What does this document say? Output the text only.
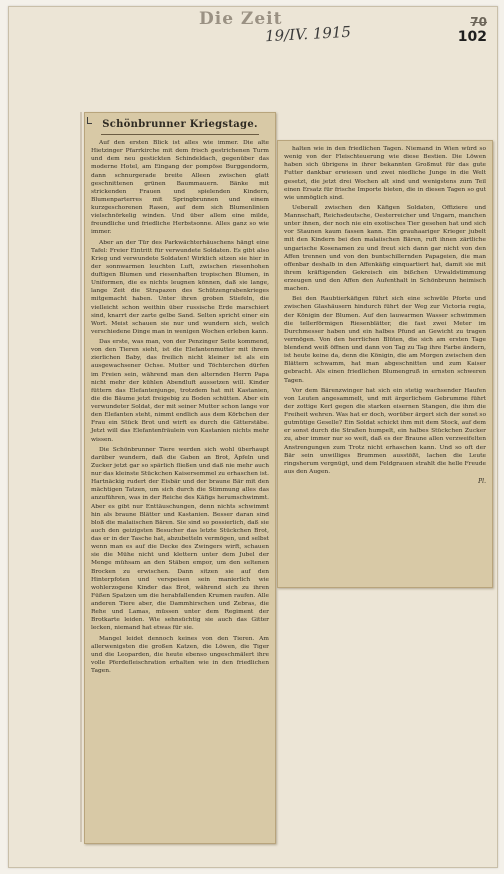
Die Zeit
19/IV. 1915
70
102
Schönbrunner Kriegstage.

Auf den ersten Blick ist alles wie immer. Die alte Hietzinger Pfarrkirche mit dem frisch gestrichenen Turm und dem neu gestickten Schindeldach, gegenüber das moderne Hotel, am Eingang der pompöse Burggendorm, dann schnurgerade breite Alleen zwischen glatt geschnittenen grünen Baummauern. Bänke mit strickenden Frauen und spielenden Kindern, Blumenparterres mit Springbrunnen und einem kurzgeschorenen Rasen, auf dem sich Blumenlinien vielschnörkelig winden. Und über allem eine milde, freundliche und friedliche Herbstsonne. Alles ganz so wie immer.

Aber an der Tür des Parkwächterhäuschens hängt eine Tafel: Freier Eintritt für verwundete Soldaten. Es gibt also Krieg und verwundete Soldaten! Wirklich sitzen sie hier in der sonnwarmen leuchten Luft, zwischen riesenhohen duftigen Blumen und riesenhaften tropischen Blumen, in Uniformen, die es nichts leugnen können, daß sie lange, lange Zeit die Strapazen des Schützengrabenkrieges mitgemacht haben. Unter ihren groben Stiefeln, die vielleicht schon weithin über russische Erde marschiert sind, knarrt der zarte gelbe Sand. Selten spricht einer ein Wort. Meist schauen sie nur und wundern sich, welch verschiedene Dinge man in wenigen Wochen erleben kann.

Das erste, was man, von der Penzinger Seite kommend, von den Tieren sieht, ist die Elefantenmutter mit ihrem zierlichen Baby, das freilich nicht kleiner ist als ein ausgewachsener Ochse. Mutter und Töchterchen dürfen im Freien sein, während man den alternden Herrn Papa nicht mehr der kühlen Abendluft aussetzen will. Kinder füttern das Elefantenjunge, trotzdem hat mit Kastanien, die die Bäume jetzt freigebig zu Boden schütten. Aber ein verwundeter Soldat, der mit seiner Mutter schon lange vor den Elefanten steht, nimmt endlich aus dem Körbchen der Frau ein Stück Brot und wirft es durch die Gitterstäbe. Jetzt will das Elefantenfräulein von Kastanien nichts mehr wissen.

Die Schönbrunner Tiere werden sich wohl überhaupt darüber wundern, daß die Gaben an Brot, Äpfeln und Zucker jetzt gar so spärlich fließen und daß nie mehr auch nur das kleinste Stückchen Kaisersemmel zu erhaschen ist. Hartnäckig rudert der Eisbär und der braune Bär mit den mächtigen Tatzen, um sich durch die Stimmung alles das anzuführen, was in der Reiche des Käfigs herumschwimmt. Aber es gibt nur Enttäuschungen, denn nichts schwimmt hin als braune Blätter und Kastanien. Besser daran sind bloß die malaiischen Bären. Sie sind so possierlich, daß sie auch den geizigsten Besucher das letzte Stückchen Brot, das er in der Tasche hat, abzubetteln vermögen, und selbst wenn man es auf die Decke des Zwingers wirft, schauen sie die Mühe nicht und klettern unter dem Jubel der Menge mühsam an den Stäben empor, um den seltenen Brocken zu erwischen. Dann sitzen sie auf den Hinterpfoten und verspeisen sein manierlich wie wohlerzogene Kinder das Brot, während sich zu ihren Füßen Spatzen um die herabfallenden Krumen raufen. Alle anderen Tiere aber, die Dammhirschen und Zebras, die Rehe und Lamas, müssen unter dem Regiment der Brotkarte leiden. Wie sehnsüchtig sie auch das Gitter lecken, niemand hat etwas für sie.

Mangel leidet dennoch keines von den Tieren. Am allerwenigsten die großen Katzen, die Löwen, die Tiger und die Leoparden, die heute ebenso ungeschmälert ihre volle Pferdefleischration erhalten wie in den friedlichen Tagen.

halten wie in den friedlichen Tagen. Niemand in Wien würd so wenig von der Fleischteuerung wie diese Bestien. Die Löwen haben sich übrigens in ihrer bekannten Großmut für das gute Futter dankbar erwiesen und zwei niedliche Junge in die Welt gesetzt, die jetzt drei Wochen alt sind und wenigstens zum Teil einen Ersatz für frische Importe bieten, die in diesen Tagen so gut wie unmöglich sind.

Ueberall zwischen den Käfigen Soldaten, Offiziere und Mannschaft, Reichsdeutsche, Oesterreicher und Ungarn, manchen unter ihnen, der noch nie ein exotisches Tier gesehen hat und sich vor Staunen kaum fassen kann. Ein grauhaariger Krieger jubelt mit den Kindern bei den malaiischen Bären, ruft ihnen zärtliche ungarische Kosenamen zu und freut sich dann gar nicht von den Affen trennen und von den buntschillernden Papageien, die man offenbar deshalb in den Affenkäfig einquartiert hat, damit sie mit ihrem kräftigenden Gekreisch ein bißchen Urwaldstimmung erzeugen und den Affen den Aufenthalt in Schönbrunn heimisch machen.

Bei den Raubtierkäfigen führt sich eine schwüle Pforte und zwischen Glashäusern hindurch führt der Weg zur Victoria regia, der Königin der Blumen. Auf den lauwarmen Wasser schwimmen die tellerförmigen Riesenblätter, die fast zwei Meter im Durchmesser haben und ein halbes Pfund an Gewicht zu tragen vermögen. Von den herrlichen Blüten, die sich am ersten Tage blendend weiß öffnen und dann von Tag zu Tag ihre Farbe ändern, ist heute keine da, denn die Königin, die am Morgen zwischen den Blättern schwamm, hat man abgeschnitten und zum Kaiser gebracht. Als einen friedlichen Blumengruß in ernsten schweren Tagen.

Vor dem Bärenzwinger hat sich ein stetig wachsender Haufen von Leuten angesammelt, und mit ärgerlichem Gebrumme führt der zottige Kerl gegen die starken eisernen Stangen, die ihm die Freiheit wehren. Was hat er doch, worüber ärgert sich der sonst so gutmütige Geselle? Ein Soldat schickt ihm mit dem Stock, auf dem er sonst durch die Straßen humpelt, ein halbes Stückchen Zucker zu, aber immer nur so weit, daß es der Braune allen verzweifelten Anstrengungen zum Trotz nicht erhaschen kann. Und so oft der Bär sein unwilliges Brummen ausstößt, lachen die Leute ringsherum vergnügt, und dem Feldgrauen strahlt die helle Freude aus den Augen.

Pl.
